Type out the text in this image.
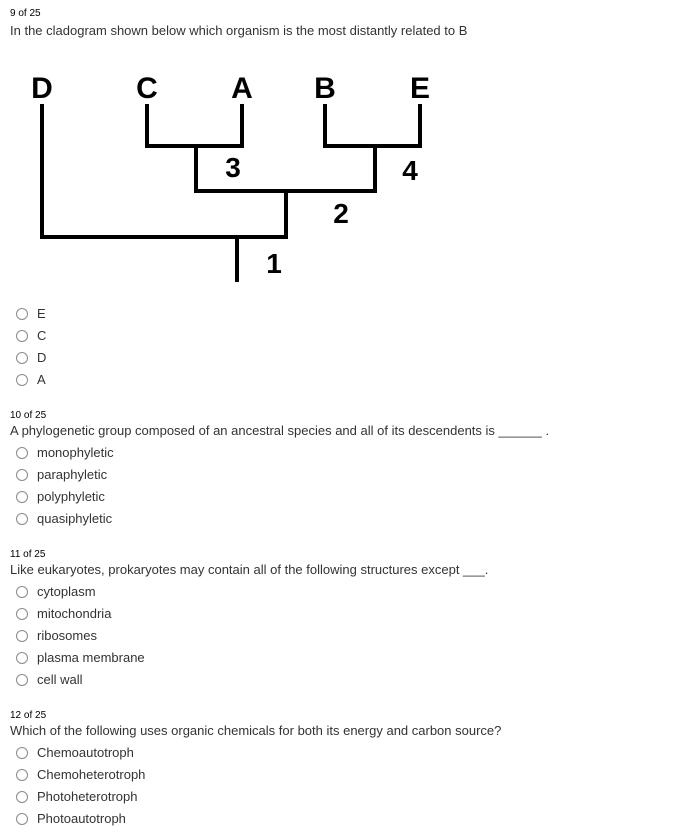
9 of 25
In the cladogram shown below which organism is the most distantly related to B
D	C A B E
1
2
3	4
E
C
D
A
10 of 25
A phylogenetic group composed of an ancestral species and all of its descendents is ______ .
monophyletic
paraphyletic
polyphyletic
quasiphyletic
11 of 25
Like eukaryotes, prokaryotes may contain all of the following structures except ___.
cytoplasm
mitochondria
ribosomes
plasma membrane
cell wall
12 of 25
Which of the following uses organic chemicals for both its energy and carbon source?
Chemoautotroph
Chemoheterotroph
Photoheterotroph
Photoautotroph
